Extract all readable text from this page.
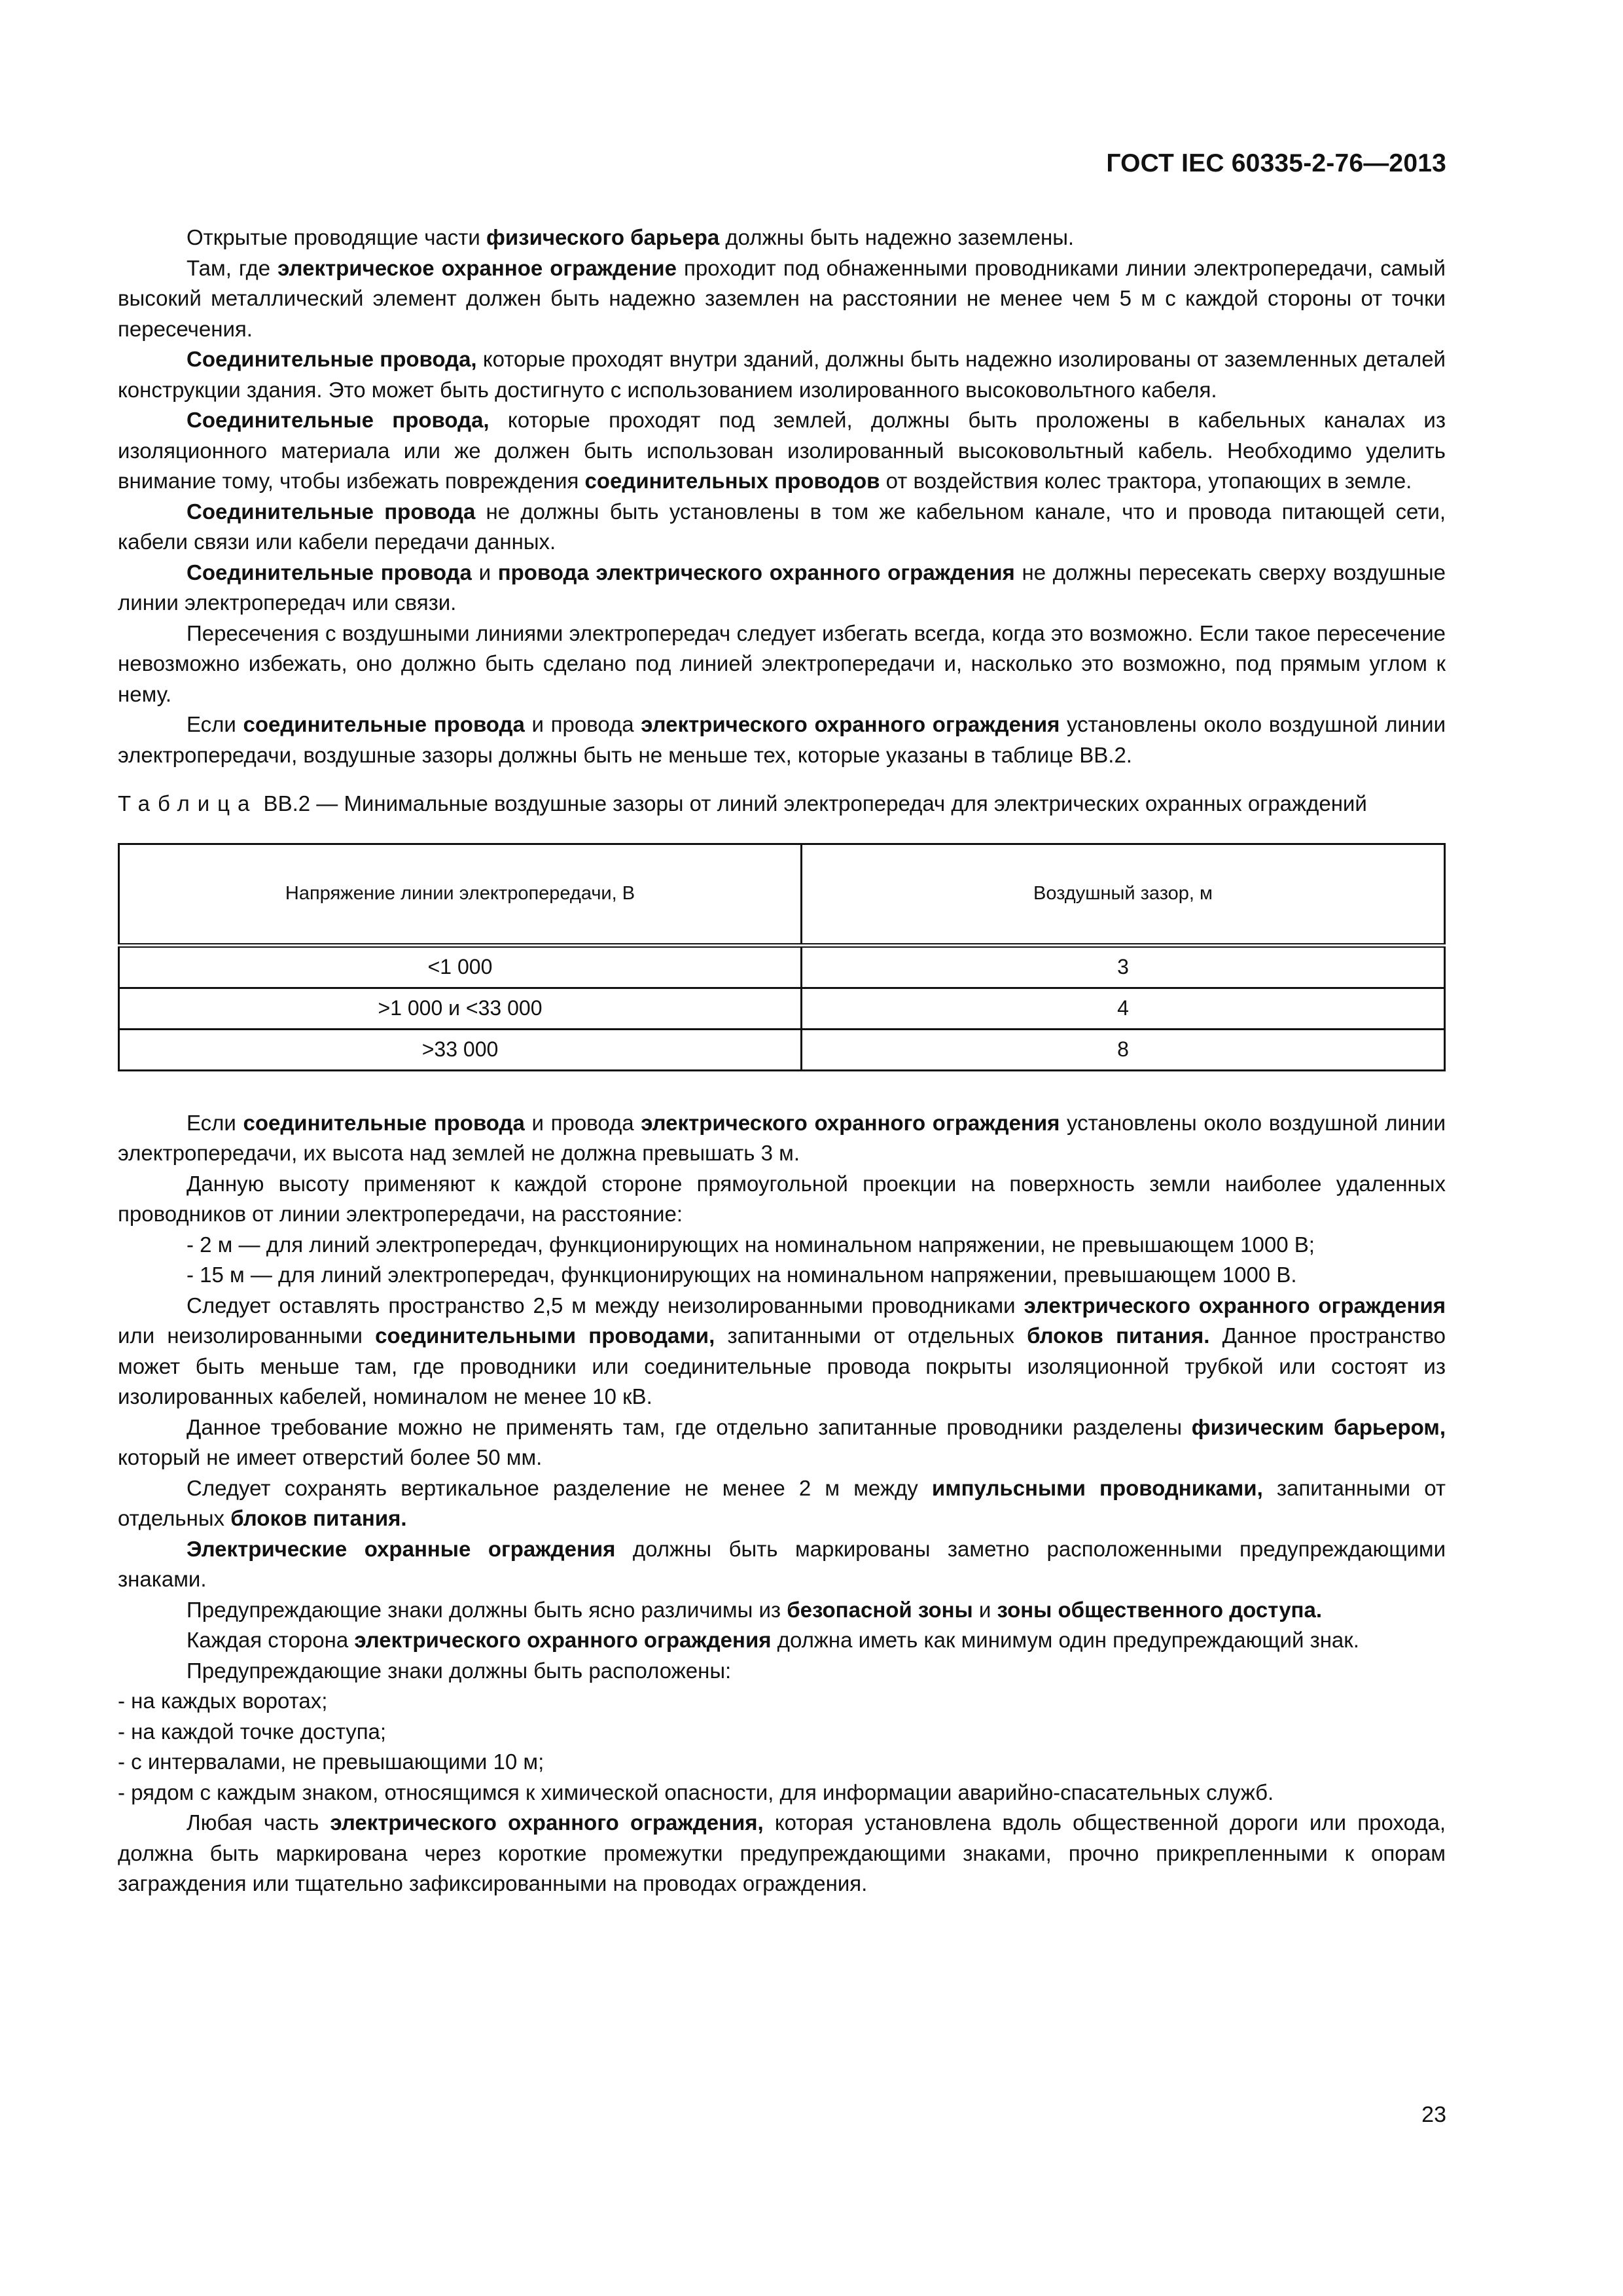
ГОСТ IEC 60335-2-76—2013

Открытые проводящие части физического барьера должны быть надежно заземлены.

Там, где электрическое охранное ограждение проходит под обнаженными проводниками линии электропередачи, самый высокий металлический элемент должен быть надежно заземлен на расстоянии не менее чем 5 м с каждой стороны от точки пересечения.

Соединительные провода, которые проходят внутри зданий, должны быть надежно изолированы от заземленных деталей конструкции здания. Это может быть достигнуто с использованием изолированного высоковольтного кабеля.

Соединительные провода, которые проходят под землей, должны быть проложены в кабельных каналах из изоляционного материала или же должен быть использован изолированный высоковольтный кабель. Необходимо уделить внимание тому, чтобы избежать повреждения соединительных проводов от воздействия колес трактора, утопающих в земле.

Соединительные провода не должны быть установлены в том же кабельном канале, что и провода питающей сети, кабели связи или кабели передачи данных.

Соединительные провода и провода электрического охранного ограждения не должны пересекать сверху воздушные линии электропередач или связи.

Пересечения с воздушными линиями электропередач следует избегать всегда, когда это возможно. Если такое пересечение невозможно избежать, оно должно быть сделано под линией электропередачи и, насколько это возможно, под прямым углом к нему.

Если соединительные провода и провода электрического охранного ограждения установлены около воздушной линии электропередачи, воздушные зазоры должны быть не меньше тех, которые указаны в таблице ВВ.2.

Таблица ВВ.2 — Минимальные воздушные зазоры от линий электропередач для электрических охранных ограждений

Напряжение линии электропередачи, В	Воздушный зазор, м
<1 000	3
>1 000 и <33 000	4
>33 000	8

Если соединительные провода и провода электрического охранного ограждения установлены около воздушной линии электропередачи, их высота над землей не должна превышать 3 м.

Данную высоту применяют к каждой стороне прямоугольной проекции на поверхность земли наиболее удаленных проводников от линии электропередачи, на расстояние:

- 2 м — для линий электропередач, функционирующих на номинальном напряжении, не превышающем 1000 В;

- 15 м — для линий электропередач, функционирующих на номинальном напряжении, превышающем 1000 В.

Следует оставлять пространство 2,5 м между неизолированными проводниками электрического охранного ограждения или неизолированными соединительными проводами, запитанными от отдельных блоков питания. Данное пространство может быть меньше там, где проводники или соединительные провода покрыты изоляционной трубкой или состоят из изолированных кабелей, номиналом не менее 10 кВ.

Данное требование можно не применять там, где отдельно запитанные проводники разделены физическим барьером, который не имеет отверстий более 50 мм.

Следует сохранять вертикальное разделение не менее 2 м между импульсными проводниками, запитанными от отдельных блоков питания.

Электрические охранные ограждения должны быть маркированы заметно расположенными предупреждающими знаками.

Предупреждающие знаки должны быть ясно различимы из безопасной зоны и зоны общественного доступа.

Каждая сторона электрического охранного ограждения должна иметь как минимум один предупреждающий знак.

Предупреждающие знаки должны быть расположены:

- на каждых воротах;

- на каждой точке доступа;

- с интервалами, не превышающими 10 м;

- рядом с каждым знаком, относящимся к химической опасности, для информации аварийно-спасательных служб.

Любая часть электрического охранного ограждения, которая установлена вдоль общественной дороги или прохода, должна быть маркирована через короткие промежутки предупреждающими знаками, прочно прикрепленными к опорам заграждения или тщательно зафиксированными на проводах ограждения.

23
